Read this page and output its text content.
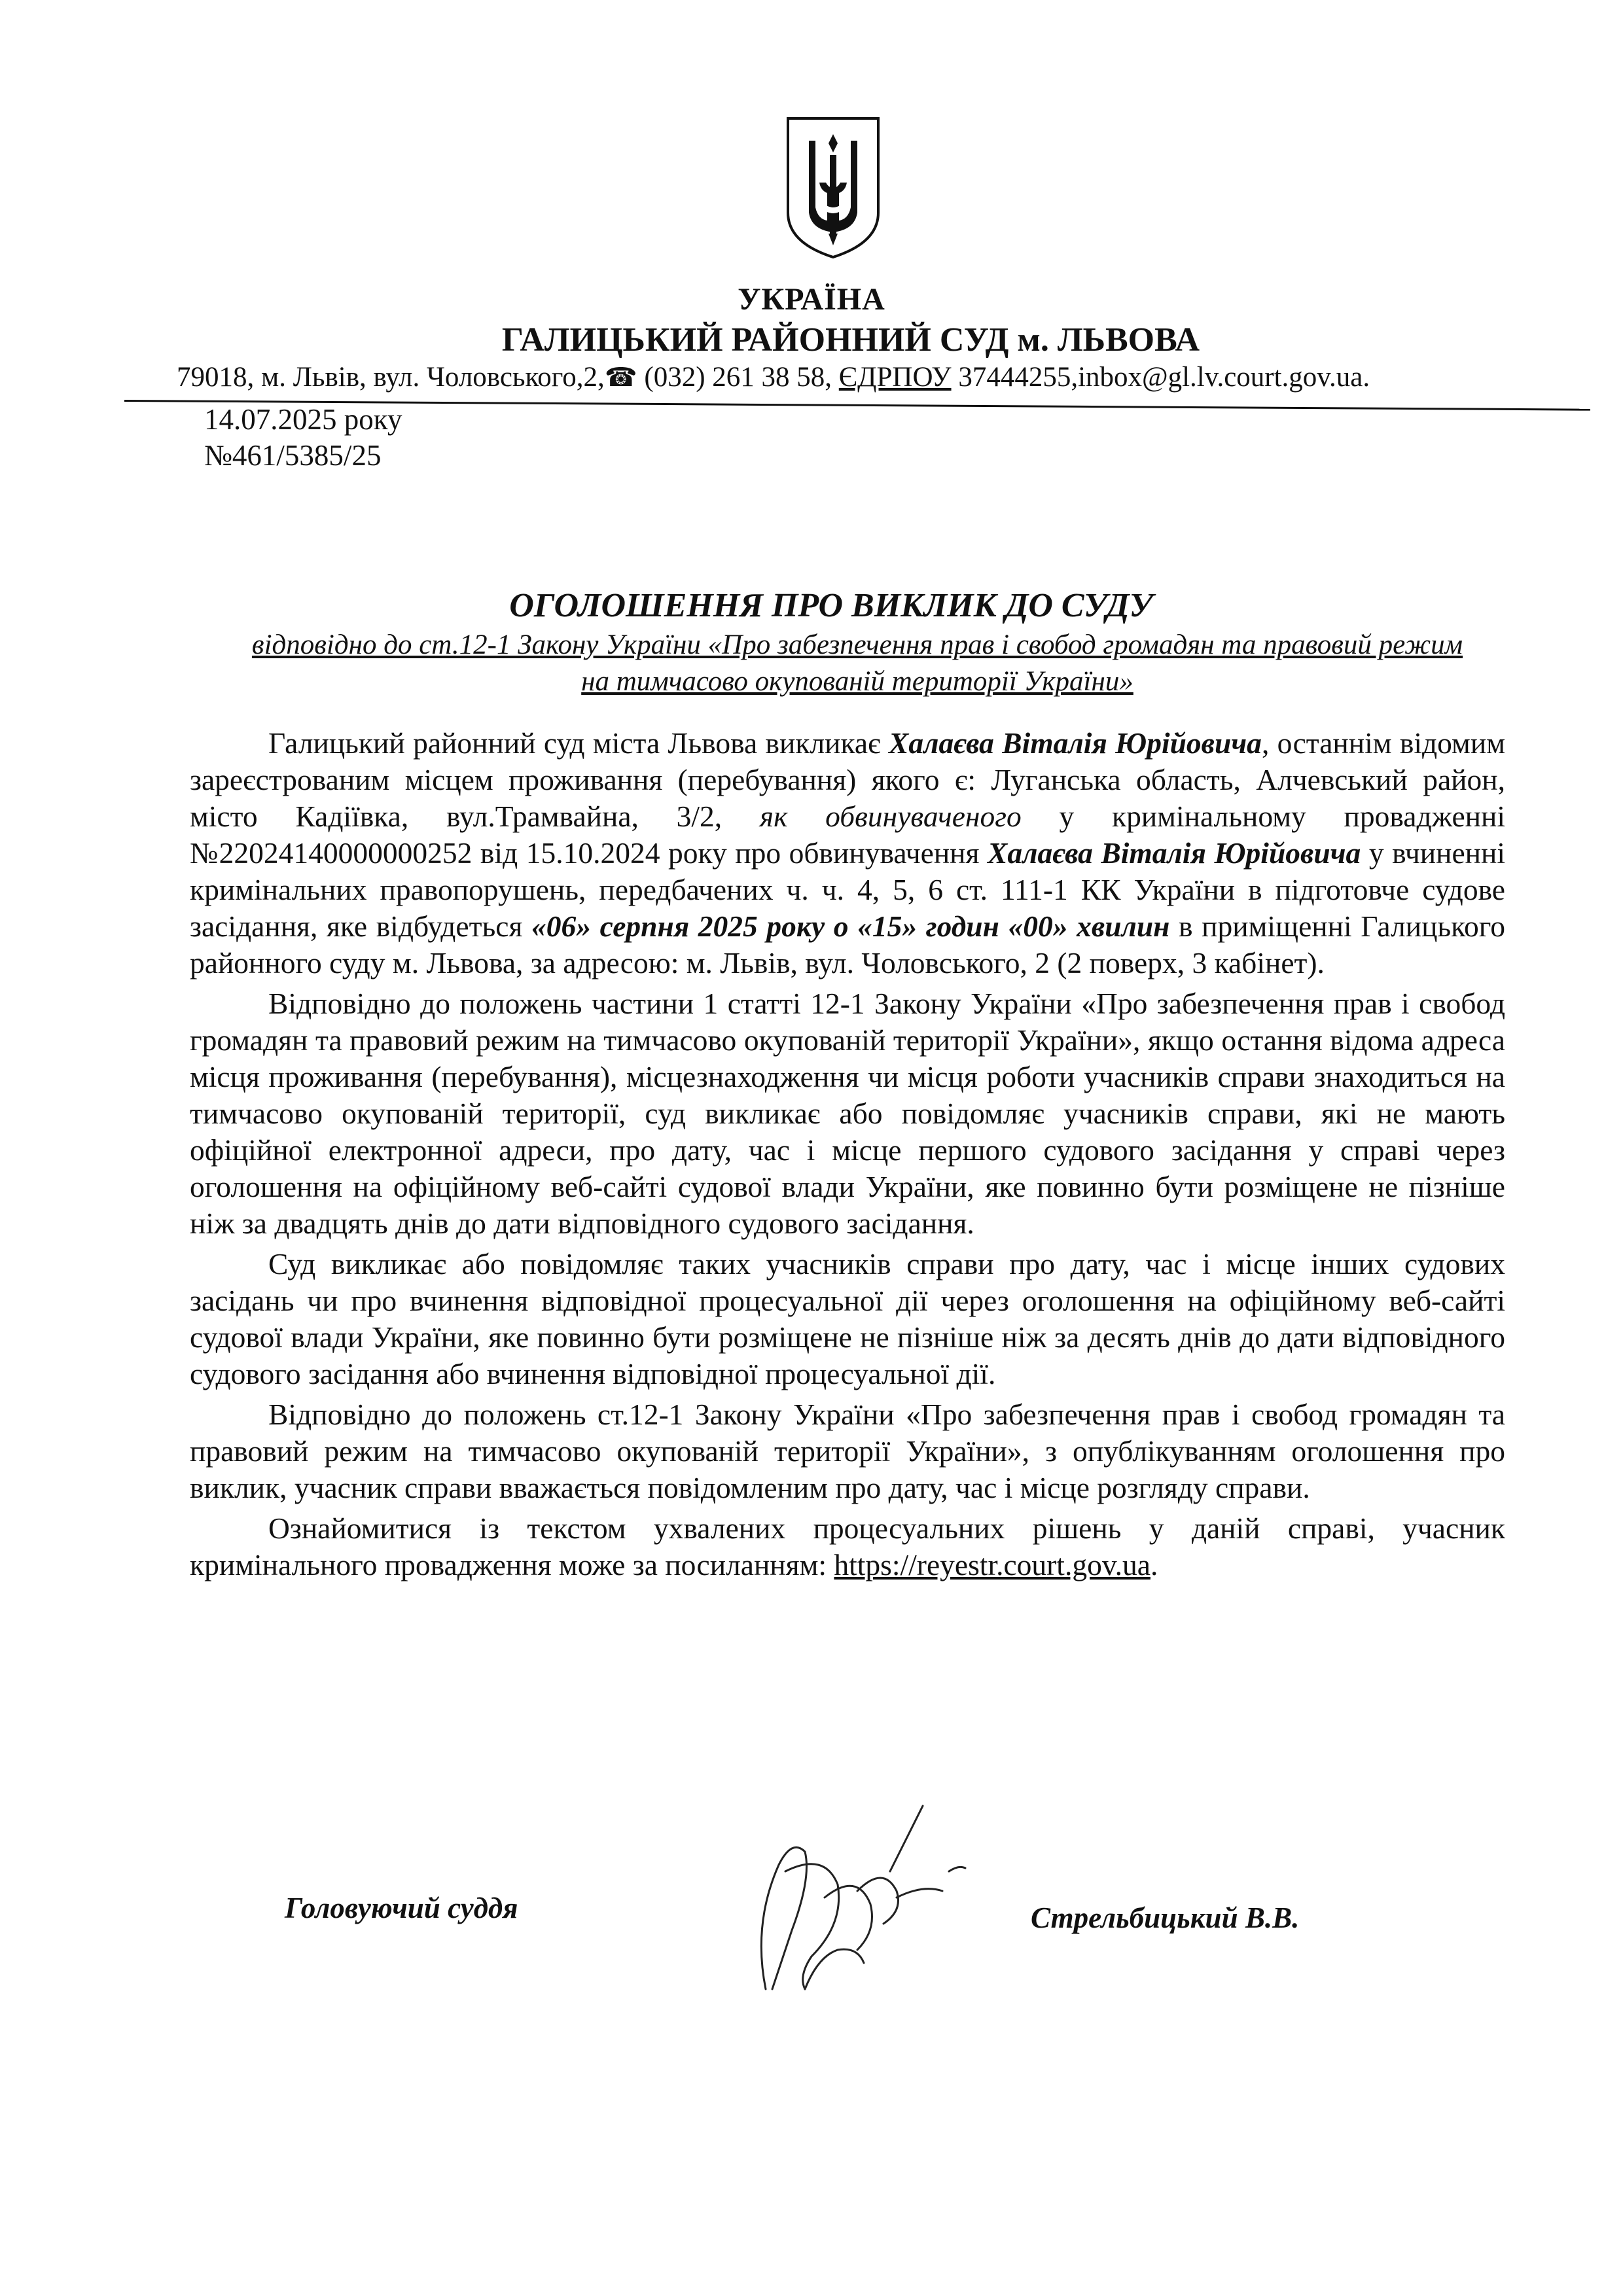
УКРАЇНА
ГАЛИЦЬКИЙ РАЙОННИЙ СУД м. ЛЬВОВА
79018, м. Львів, вул. Чоловського,2,☎ (032) 261 38 58, ЄДРПОУ 37444255,inbox@gl.lv.court.gov.ua.
14.07.2025 року
№461/5385/25
ОГОЛОШЕННЯ ПРО ВИКЛИК ДО СУДУ
відповідно до ст.12-1 Закону України «Про забезпечення прав і свобод громадян та правовий режим
на тимчасово окупованій території України»

Галицький районний суд міста Львова викликає Халаєва Віталія Юрійовича, останнім відомим зареєстрованим місцем проживання (перебування) якого є: Луганська область, Алчевський район, місто Кадіївка, вул.Трамвайна, 3/2, як обвинуваченого у кримінальному провадженні №22024140000000252 від 15.10.2024 року про обвинувачення Халаєва Віталія Юрійовича у вчиненні кримінальних правопорушень, передбачених ч. ч. 4, 5, 6 ст. 111-1 КК України в підготовче судове засідання, яке відбудеться «06» серпня 2025 року о «15» годин «00» хвилин в приміщенні Галицького районного суду м. Львова, за адресою: м. Львів, вул. Чоловського, 2 (2 поверх, 3 кабінет).

Відповідно до положень частини 1 статті 12-1 Закону України «Про забезпечення прав і свобод громадян та правовий режим на тимчасово окупованій території України», якщо остання відома адреса місця проживання (перебування), місцезнаходження чи місця роботи учасників справи знаходиться на тимчасово окупованій території, суд викликає або повідомляє учасників справи, які не мають офіційної електронної адреси, про дату, час і місце першого судового засідання у справі через оголошення на офіційному веб-сайті судової влади України, яке повинно бути розміщене не пізніше ніж за двадцять днів до дати відповідного судового засідання.

Суд викликає або повідомляє таких учасників справи про дату, час і місце інших судових засідань чи про вчинення відповідної процесуальної дії через оголошення на офіційному веб-сайті судової влади України, яке повинно бути розміщене не пізніше ніж за десять днів до дати відповідного судового засідання або вчинення відповідної процесуальної дії.

Відповідно до положень ст.12-1 Закону України «Про забезпечення прав і свобод громадян та правовий режим на тимчасово окупованій території України», з опублікуванням оголошення про виклик, учасник справи вважається повідомленим про дату, час і місце розгляду справи.

Ознайомитися із текстом ухвалених процесуальних рішень у даній справі, учасник кримінального провадження може за посиланням: https://reyestr.court.gov.ua.

Головуючий суддя	Стрельбицький В.В.
